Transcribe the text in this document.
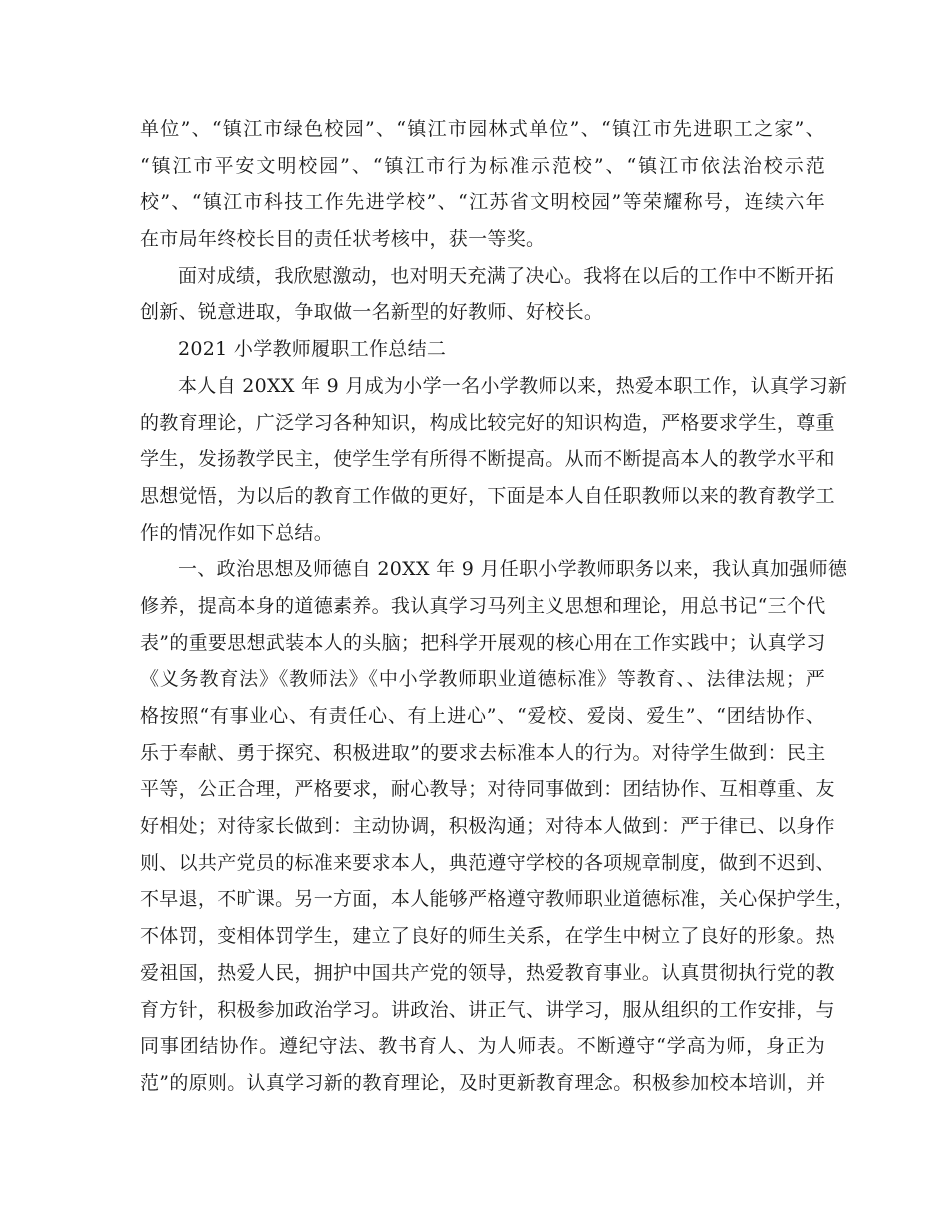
单位”、“镇江市绿色校园”、“镇江市园林式单位”、“镇江市先进职工之家”、
“镇江市平安文明校园”、“镇江市行为标准示范校”、“镇江市依法治校示范
校”、“镇江市科技工作先进学校”、“江苏省文明校园”等荣耀称号，连续六年
在市局年终校长目的责任状考核中，获一等奖。
面对成绩，我欣慰激动，也对明天充满了决心。我将在以后的工作中不断开拓
创新、锐意进取，争取做一名新型的好教师、好校长。
2021 小学教师履职工作总结二
本人自 20XX 年 9 月成为小学一名小学教师以来，热爱本职工作，认真学习新
的教育理论，广泛学习各种知识，构成比较完好的知识构造，严格要求学生，尊重
学生，发扬教学民主，使学生学有所得不断提高。从而不断提高本人的教学水平和
思想觉悟，为以后的教育工作做的更好，下面是本人自任职教师以来的教育教学工
作的情况作如下总结。
一、政治思想及师德自 20XX 年 9 月任职小学教师职务以来，我认真加强师德
修养，提高本身的道德素养。我认真学习马列主义思想和理论，用总书记“三个代
表”的重要思想武装本人的头脑；把科学开展观的核心用在工作实践中；认真学习
《义务教育法》《教师法》《中小学教师职业道德标准》等教育、、法律法规；严
格按照“有事业心、有责任心、有上进心”、“爱校、爱岗、爱生”、“团结协作、
乐于奉献、勇于探究、积极进取”的要求去标准本人的行为。对待学生做到：民主
平等，公正合理，严格要求，耐心教导；对待同事做到：团结协作、互相尊重、友
好相处；对待家长做到：主动协调，积极沟通；对待本人做到：严于律已、以身作
则、以共产党员的标准来要求本人，典范遵守学校的各项规章制度，做到不迟到、
不早退，不旷课。另一方面，本人能够严格遵守教师职业道德标准，关心保护学生，
不体罚，变相体罚学生，建立了良好的师生关系，在学生中树立了良好的形象。热
爱祖国，热爱人民，拥护中国共产党的领导，热爱教育事业。认真贯彻执行党的教
育方针，积极参加政治学习。讲政治、讲正气、讲学习，服从组织的工作安排，与
同事团结协作。遵纪守法、教书育人、为人师表。不断遵守“学高为师，身正为
范”的原则。认真学习新的教育理论，及时更新教育理念。积极参加校本培训，并
